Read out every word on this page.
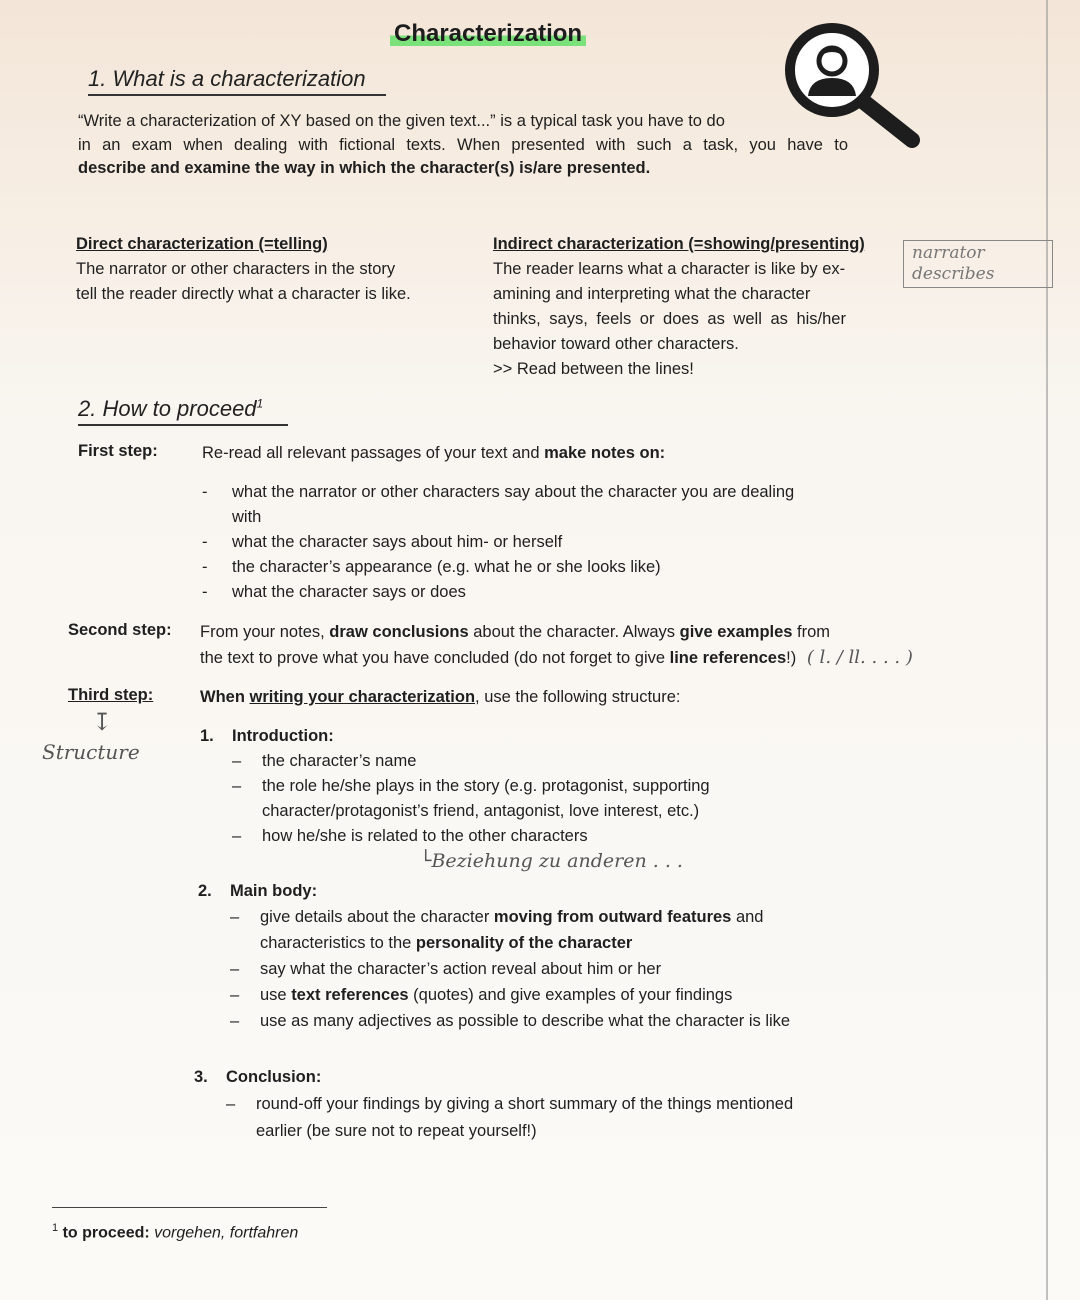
Characterization
1. What is a characterization
“Write a characterization of XY based on the given text...” is a typical task you have to do
in an exam when dealing with fictional texts. When presented with such a task, you have to
describe and examine the way in which the character(s) is/are presented.
Direct characterization (=telling)
The narrator or other characters in the story
tell the reader directly what a character is like.
Indirect characterization (=showing/presenting)
The reader learns what a character is like by ex-
amining and interpreting what the character
thinks, says, feels or does as well as his/her
behavior toward other characters.
>> Read between the lines!
narrator
describes
2. How to proceed$^1$
First step:	Re-read all relevant passages of your text and make notes on:
- what the narrator or other characters say about the character you are dealing
with
- what the character says about him- or herself
- the character’s appearance (e.g. what he or she looks like)
- what the character says or does
Second step: From your notes, draw conclusions about the character. Always give examples from
the text to prove what you have concluded (do not forget to give line references!) ( l. / ll. . . . )
Third step:
↧
Structure
When writing your characterization, use the following structure:
1. Introduction:
– the character’s name
– the role he/she plays in the story (e.g. protagonist, supporting
character/protagonist’s friend, antagonist, love interest, etc.)
– how he/she is related to the other characters
└Beziehung zu anderen . . .
2. Main body:
– give details about the character moving from outward features and
characteristics to the personality of the character
– say what the character’s action reveal about him or her
– use text references (quotes) and give examples of your findings
– use as many adjectives as possible to describe what the character is like
3. Conclusion:
– round-off your findings by giving a short summary of the things mentioned
earlier (be sure not to repeat yourself!)
$^1$ to proceed: vorgehen, fortfahren
